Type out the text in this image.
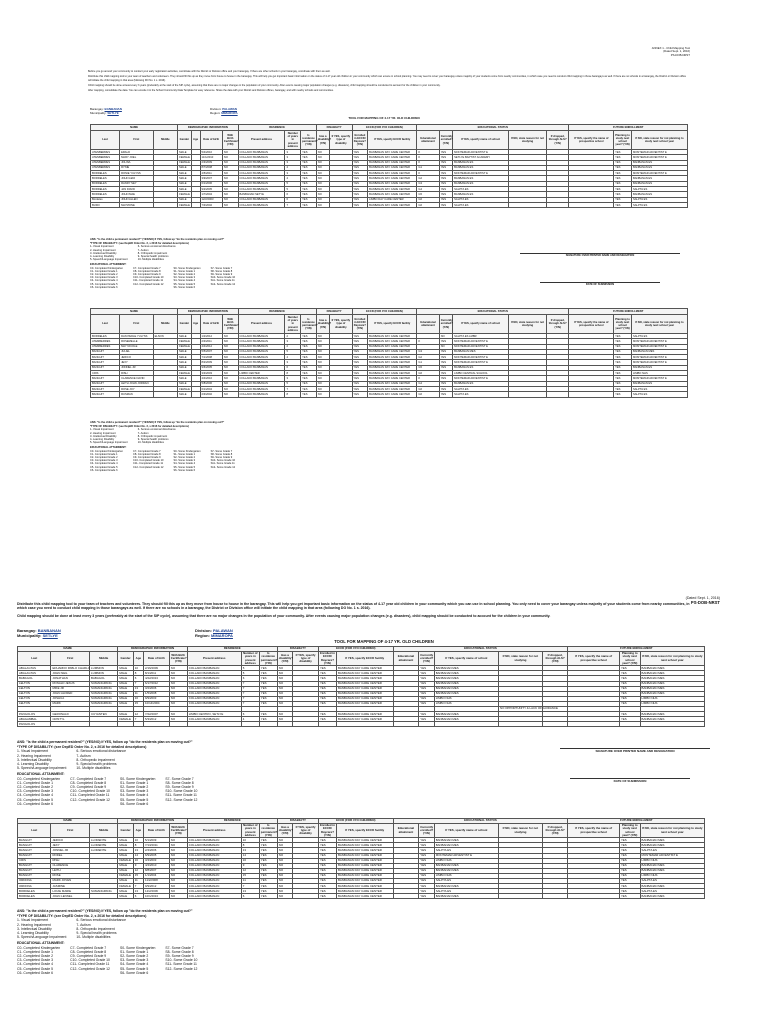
ANNEX 1 - Child Mapping Tool
(Dated Sept. 1, 2016)
PS-DOB-NRST

Before you go around your community to conduct your early registration activities, coordinate with the District or Division office and your barangay. If there are other schools in your barangay, coordinate with them as well.

Distribute this child mapping tool to your team of teachers and volunteers. They should fill this up as they move from house to house in the barangay. This will help you get important basic information on the status of 4-17 year old children in your community which can ensure in school planning. You may need to cover your barangay unless majority of your students come from nearby communities, in which case you need to conduct child mapping in those barangays as well. If there are no schools in a barangay, the District or Division office will initiate the child mapping in that area (following DO No. 1 s. 2016).

Child mapping should be done at least every 3 years (preferably at the start of the SIP cycle), assuming that there are no major changes in the population of your community. After events causing major population changes (e.g. disasters), child mapping should be conducted to account for the children in your community.

After mapping, consolidate the data. You can encode it in the School Community Data Template for easy reference. Share the data with your District and Division offices, barangay, and with nearby schools and communities.

Barangay: BANBANAN
Municipality: SETLYE
Division: PALAWAN
Region: MIMAROPA
TOOL FOR MAPPING OF 4-17 YR. OLD CHILDREN
NAME			DEMOGRAPHIC INFORMATION				RESIDENCE			DISABILITY		ECCD (FOR 4YO CHILDREN)		EDUCATIONAL STATUS					FUTURE ENROLLMENT		
Last	First	Middle	Gender	Age	Date of birth	With Birth Certificate? (Y/N)	Present address	Number of years in present address	Is residence permanent? (Y/N)	Has a disability? (Y/N)	If YES, specify type of disability	Enrolled in ECCD/ Daycare? (Y/N)	If YES, specify ECCD facility	Educational attainment	Currently enrolled? (Y/N)	If YES, specify name of school	If NO, state reason for not studying	If dropped, through ALS? (Y/N)	If YES, specify the name of prospective school	Planning to study next school year? (Y/N)	If NO, state reason for not planning to study next school year
ATENBERRES	ERALD		MALE		5/4/2010	NO	COLLADO BANBANAN	3	YES	NO		YES	BANBANAN DAY CARE CENTER	K	YES	MONTEMAR ADVENTIST E				YES	MONTEMAR ADVENTIST E
ATENBERRES	MARY JOEL		FEMALE		11/1/2010	NO	COLLADO BANBANAN	3	YES	NO		YES	BANBANAN DAY CARE CENTER	K	YES	SETLYE BAPTIST ACADEMY				YES	MONTEMAR ADVENTIST E
ATENBERRES	JOLINA		FEMALE		2/3/2009	NO	COLLADO BANBANAN	3	YES	NO		YES	BANBANAN DAY CARE CENTER	K	YES	BANBANAN ES				YES	BANBANAN ES
ATENBERRES	RYNIE		MALE		8/7/2008	NO	COLLADO BANBANAN	4	YES	NO		YES	BANBANAN DAY CARE CENTER	G1	YES	BANBANAN ES				YES	BANBANAN ES
BORDELES	RONIE YULYSS		MALE		4/5/2011	NO	COLLADO BANBANAN	3	YES	NO		YES	BANBANAN DAY CARE CENTER	K	YES	MONTEMAR ADVENTIST E				YES	MONTEMAR ADVENTIST E
BORDELES	JOHN LENI		MALE		3/9/2007	NO	COLLADO BANBANAN	4	YES	NO		YES	BANBANAN DAY CARE CENTER	G2	YES	BANBANAN ES				YES	BANBANAN ES
BORDELES	RANDY SEY		MALE		6/1/2006	NO	COLLADO BANBANAN	5	YES	NO		YES	BANBANAN DAY CARE CENTER	G3	YES	BANBANAN ES				YES	BANBANAN ES
BORDELES	JAN DAVID		MALE		9/2/2005	NO	COLLADO BANBANAN	5	YES	NO		YES	BANBANAN DAY CARE CENTER	G4	YES	SALPTA ES				YES	SALPTA ES
BORDELES	JOHN MAE		FEMALE		1/7/2004	NO	BANBANAN SETYE	6	YES	NO		YES	BANBANAN DAY CARE CENTER	G5	YES	BANBANAN ES				YES	BANBANAN ES
Bordeles	JOHN ALLEN		MALE		12/2/2003	NO	COLLADO BANBANAN	6	YES	NO		YES	LIMBO DAY CARE CENTER	G6	YES	SALPTA ES				YES	SALPTA ES
BUDO	MAYMONE		FEMALE		7/3/2002	NO	COLLADO BANBANAN	7	YES	NO		YES	BANBANAN DAY CARE CENTER	G6	YES	SALPTA ES				YES	SALPTA ES
ANS: "Is the child a permanent resident?" (YES/NO) If YES, follow up "do the residents plan on moving out?"
*TYPE OF DISABILITY: (see DepED Order No. 2, s 2016 for detailed descriptions)
1- Visual Impairment
2- Hearing Impairment
3- Intellectual Disability
4- Learning Disability
5- Speech/Language Impairment
6- Serious emotional disturbance
7- Autism
8- Orthopedic impairment
9- Special health problems
10- Multiple disabilities
EDUCATIONAL ATTAINMENT:
C0- Completed Kindergarten
C1- Completed Grade 1
C2- Completed Grade 2
C3- Completed Grade 3
C4- Completed Grade 4
C5- Completed Grade 5
C6- Completed Grade 6
C7- Completed Grade 7
C8- Completed Grade 8
C9- Completed Grade 9
C10- Completed Grade 10
C11- Completed Grade 11
C12- Completed Grade 12
S0- Some Kindergarten
S1- Some Grade 1
S2- Some Grade 2
S3- Some Grade 3
S4- Some Grade 4
S5- Some Grade 5
S6- Some Grade 6
S7- Some Grade 7
S8- Some Grade 8
S9- Some Grade 9
S10- Some Grade 10
S11- Some Grade 11
S12- Some Grade 12
SIGNATURE OVER PRINTED NAME AND DESIGNATION
DATE OF SUBMISSION
NAME			DEMOGRAPHIC INFORMATION				RESIDENCE			DISABILITY		ECCD (FOR 4YO CHILDREN)		EDUCATIONAL STATUS					FUTURE ENROLLMENT		
Last	First	Middle	Gender	Age	Date of birth	With Birth Certificate? (Y/N)	Present address	Number of years in present address	Is residence permanent? (Y/N)	Has a disability? (Y/N)	If YES, specify type of disability	Enrolled in ECCD/ Daycare? (Y/N)	If YES, specify ECCD facility	Educational attainment	Currently enrolled? (Y/N)	If YES, specify name of school	If NO, state reason for not studying	If dropped, through ALS? (Y/N)	If YES, specify the name of prospective school	Planning to study next school year? (Y/N)	If NO, state reason for not planning to study next school year
BORDELES	DAN PEDLE YULYSS	ELSON	MALE		1/2/2012	NO	COLLADO BANBANAN	2	YES	NO		YES	BANBANAN DAY CARE CENTER		NO	SALPTA ES LMBR				YES	SALPTA ES
ATEMBERRES	ROSEMELLE		FEMALE		2/3/2011	NO	COLLADO BANBANAN	3	YES	NO		YES	BANBANAN DAY CARE CENTER	K	YES	MONTEMAR ADVENTIST E				YES	MONTEMAR ADVENTIST E
ATEMBERRES	MAY NICOLE		FEMALE		4/4/2012	NO	COLLADO BANBANAN	2	YES	NO		YES	BANBANAN DAY CARE CENTER		NO	MONTEMAR ADVENTIST E				YES	MONTEMAR ADVENTIST E
BANGUIT	JULIEL		MALE		5/5/2007	NO	COLLADO BANBANAN	5	YES	NO		YES	BANBANAN DAY CARE CENTER	G3	YES	BANBANAN MES				YES	BANBANAN MES
BANGUIT	JERICO		MALE		7/1/2008	NO	COLLADO BANBANAN	4	YES	NO		YES	BANBANAN DAY CARE CENTER	G2	YES	MONTEMAR ADVENTIST E				YES	MONTEMAR ADVENTIST E
BANGUIT	JEXY		MALE		8/2/2009	NO	COLLADO BANBANAN	3	YES	NO		YES	BANBANAN DAY CARE CENTER	G1	YES	MONTEMAR ADVENTIST E				YES	MONTEMAR ADVENTIST E
BANGUIT	JONNEL JR		MALE		9/6/2005	NO	COLLADO BANBANAN	6	YES	NO		YES	BANBANAN DAY CARE CENTER	G5	YES	BANBANAN ES				YES	BANBANAN ES
CRIS	RISH		FEMALE		3/3/2003	NO	LIMBO CENTER	8	YES	NO		YES	BANBANAN DAY CARE CENTER	G6	YES	LIMBO CENTRAL SCHOOL				YES	LIMBO NHS
BANGUIT	CLARENCE DAVID		MALE		4/4/2010	NO	COLLADO BANBANAN	3	YES	NO		YES	BANBANAN DAY CARE CENTER	K	YES	MONTEMAR ADVENTIST E				YES	MONTEMAR ADVENTIST E
BANGUIT	LEITH JOHN JORDAN		MALE		5/8/2006	NO	COLLADO BANBANAN	5	YES	NO		YES	BANBANAN DAY CARE CENTER	G4	YES	BANBANAN ES				YES	BANBANAN ES
BANGUIT	ROSE JOY		FEMALE		6/1/2004	NO	COLLADO BANBANAN	7	YES	NO		YES	BANBANAN DAY CARE CENTER	G6	YES	SALPTA ES				YES	SALPTA ES
BANGUIT	RUSMAN		MALE		2/3/2002	NO	COLLADO BANBANAN	8	YES	NO		YES	BANBANAN DAY CARE CENTER	G6	YES	SALPTA ES				YES	SALPTA ES
ANS: "Is the child a permanent resident?" (YES/NO) If YES, follow up "do the residents plan on moving out?"
*TYPE OF DISABILITY: (see DepED Order No. 2, s 2016 for detailed descriptions)
1- Visual Impairment
2- Hearing Impairment
3- Intellectual Disability
4- Learning Disability
5- Speech/Language Impairment
6- Serious emotional disturbance
7- Autism
8- Orthopedic impairment
9- Special health problems
10- Multiple disabilities
EDUCATIONAL ATTAINMENT:
C0- Completed Kindergarten
C1- Completed Grade 1
C2- Completed Grade 2
C3- Completed Grade 3
C4- Completed Grade 4
C5- Completed Grade 5
C6- Completed Grade 6
C7- Completed Grade 7
C8- Completed Grade 8
C9- Completed Grade 9
C10- Completed Grade 10
C11- Completed Grade 11
C12- Completed Grade 12
S0- Some Kindergarten
S1- Some Grade 1
S2- Some Grade 2
S3- Some Grade 3
S4- Some Grade 4
S5- Some Grade 5
S6- Some Grade 6
S7- Some Grade 7
S8- Some Grade 8
S9- Some Grade 9
S10- Some Grade 10
S11- Some Grade 11
S12- Some Grade 12
(Dated Sept. 1, 2016)
PS-DOB-NRST

Distribute this child mapping tool to your team of teachers and volunteers. They should fill this up as they move from house to house in the barangay. This will help you get important basic information on the status of 4-17 year old children in your community which you can use in school planning. You only need to cover your barangay unless majority of your students come from nearby communities, in which case you need to conduct child mapping in those barangays as well. If there are no schools in a barangay, the District or Division office will initiate the child mapping in that area (following DO No. 1 s. 2016).

Child mapping should be done at least every 3 years (preferably at the start of the SIP cycle), assuming that there are no major changes in the population of your community. After events causing major population changes (e.g. disasters), child mapping should be conducted to account for the children in your community.

Barangay: BANBANAN
Municipality: SETLYE
Division: PALAWAN
Region: MIMAROPA
TOOL FOR MAPPING OF 4-17 YR. OLD CHILDREN
NAME			DEMOGRAPHIC INFORMATION				RESIDENCE			DISABILITY		ECCD (FOR 4YO CHILDREN)		EDUCATIONAL STATUS					FUTURE ENROLLMENT		
Last	First	Middle	Gender	Age	Date of birth	With Birth Certificate? (Y/N)	Present address	Number of years in present address	Is residence permanent? (Y/N)	Has a disability? (Y/N)	If YES, specify type of disability	Enrolled in ECCD/ Daycare? (Y/N)	If YES, specify ECCD facility	Educational attainment	Currently enrolled? (Y/N)	If YES, specify name of school	If NO, state reason for not studying	If dropped, through ALS? (Y/N)	If YES, specify the name of prospective school	Planning to study next school year? (Y/N)	If NO, state reason for not planning to study next school year
ABALAGTAS	EDUARDO PABLO CHARLO	LUMMON	MALE	10	2/16/2009	NO	COLLADO BANBANAN	5	YES	NO		YES	BANBANAN DAY CARE CENTER		YES	BANBANAN MES				YES	BANBANAN MES
ABALAGTAS	JOHN NEIL	LUMMON	MALE	8	8/1/2011	NO	COLLADO BANBANAN	5	YES	NO		YES	BANBANAN DAY CARE CENTER		YES	BANBANAN MES				YES	BANBANAN MES
BABAGOL	JONATHAN	BABAGOL	MALE	6	4/22/2013	NO	COLLADO BANBANAN	6	YES	NO		YES	BANBANAN DAY CARE CENTER		YES	BANBANAN MES				YES	BANBANAN MES
LELTON	RONALD JESUS	SUMANGPANG	MALE	7	6/17/2012	NO	COLLADO BANBANAN	7	YES	NO		YES	BANBANAN DAY CARE CENTER		YES	BANBANAN MES				YES	BANBANAN MES
LELTON	MIKE JR	SUMANGPANG	MALE	13	3/2/2006	NO	COLLADO BANBANAN	7	YES	NO		YES	BANBANAN DAY CARE CENTER		YES	BANBANAN MES				YES	BANBANAN MES
LELTON	JOHN ALFRED	SUMANGPANG	MALE	11	1/5/2008	NO	COLLADO BANBANAN	7	YES	NO		YES	BANBANAN DAY CARE CENTER		YES	BANBANAN MES				YES	BANBANAN MES
LELTON	JOSHUA	SUMANGPANG	MALE	16	9/9/2003	NO	COLLADO BANBANAN	7	YES	NO		YES	BANBANAN DAY CARE CENTER		YES	LIMBO NHS				YES	LIMBO NHS
LELTON	MARK	SUMANGPANG	MALE	15	10/14/2004	NO	COLLADO BANBANAN	7	YES	NO		YES	BANBANAN DAY CARE CENTER		YES	LIMBO NHS				YES	LIMBO NHS
																	NO OPPORTUNITY & LACK OF GUIDANCE				
PANGOLOS	GERONALD	CUYANTEN	MALE	12	7/22/2007	NO	LIMBO CENTRO, SETLYE	6	YES	NO		YES	BANBANAN DAY CARE CENTER		YES	BANBANAN MES				YES	BANBANAN MES
ABAGAMBAL	CRISTYL		FEMALE	7	5/3/2012	NO	COLLADO BANBANAN	4	YES	NO		YES	BANBANAN DAY CARE CENTER		YES	BANBANAN MES				YES	BANBANAN MES
PANGOLOS																					
ANS: "Is the child a permanent resident?" (YES/NO) If YES, follow up "do the residents plan on moving out?"
*TYPE OF DISABILITY: (see DepED Order No. 2, s 2016 for detailed descriptions)
1- Visual Impairment
2- Hearing Impairment
3- Intellectual Disability
4- Learning Disability
5- Speech/Language Impairment
6- Serious emotional disturbance
7- Autism
8- Orthopedic impairment
9- Special health problems
10- Multiple disabilities
EDUCATIONAL ATTAINMENT:
C0- Completed Kindergarten
C1- Completed Grade 1
C2- Completed Grade 2
C3- Completed Grade 3
C4- Completed Grade 4
C5- Completed Grade 5
C6- Completed Grade 6
C7- Completed Grade 7
C8- Completed Grade 8
C9- Completed Grade 9
C10- Completed Grade 10
C11- Completed Grade 11
C12- Completed Grade 12
S0- Some Kindergarten
S1- Some Grade 1
S2- Some Grade 2
S3- Some Grade 3
S4- Some Grade 4
S5- Some Grade 5
S6- Some Grade 6
S7- Some Grade 7
S8- Some Grade 8
S9- Some Grade 9
S10- Some Grade 10
S11- Some Grade 11
S12- Some Grade 12
SIGNATURE OVER PRINTED NAME AND DESIGNATION
DATE OF SUBMISSION
NAME			DEMOGRAPHIC INFORMATION				RESIDENCE			DISABILITY		ECCD (FOR 4YO CHILDREN)		EDUCATIONAL STATUS					FUTURE ENROLLMENT		
Last	First	Middle	Gender	Age	Date of birth	With Birth Certificate? (Y/N)	Present address	Number of years in present address	Is residence permanent? (Y/N)	Has a disability? (Y/N)	If YES, specify type of disability	Enrolled in ECCD/ Daycare? (Y/N)	If YES, specify ECCD facility	Educational attainment	Currently enrolled? (Y/N)	If YES, specify name of school	If NO, state reason for not studying	If dropped, through ALS? (Y/N)	If YES, specify the name of prospective school	Planning to study next school year? (Y/N)	If NO, state reason for not planning to study next school year
BANGUIT	JERICO	LLORENTE	MALE	10	5/1/2009	NO	COLLADO BANBANAN	10	YES	NO		YES	BANBANAN DAY CARE CENTER		YES	BANBANAN MES				YES	BANBANAN MES
BANGUIT	JEXY	LLORENTE	MALE	8	7/13/2011	NO	COLLADO BANBANAN	8	YES	NO		YES	BANBANAN DAY CARE CENTER		YES	BANBANAN MES				YES	BANBANAN MES
BANGUIT	JONNEL JR	LLORENTE	MALE	13	2/4/2006	NO	COLLADO BANBANAN	13	YES	NO		YES	BANBANAN DAY CARE CENTER		YES	SALPTA ES				YES	SALPTA ES
BANGUIT	RODEL		MALE	14	6/9/2005	NO	COLLADO BANBANAN	14	YES	NO		YES	BANBANAN DAY CARE CENTER		YES	MONTEMAR ADVENTIST E				YES	MONTEMAR ADVENTIST E
CRIS	RISH		FEMALE	16	3/4/2003	NO	COLLADO BANBANAN	16	YES	NO		YES	BANBANAN DAY CARE CENTER		YES	LIMBO NHS				YES	LIMBO NHS
BANGUIT	CLARENCE		MALE	9	4/4/2010	NO	COLLADO BANBANAN	9	YES	NO		YES	BANBANAN DAY CARE CENTER		YES	BANBANAN MES				YES	BANBANAN MES
BANGUIT	LEITH		MALE	12	8/8/2007	NO	COLLADO BANBANAN	12	YES	NO		YES	BANBANAN DAY CARE CENTER		YES	BANBANAN MES				YES	BANBANAN MES
BANGUIT	ROSE		FEMALE	15	1/1/2004	NO	COLLADO BANBANAN	15	YES	NO		YES	BANBANAN DAY CARE CENTER		YES	LIMBO NHS				YES	LIMBO NHS
ORDONA	MARK JOVEN		MALE	11	11/2/2008	NO	COLLADO BANBANAN	11	YES	NO		YES	BANBANAN DAY CARE CENTER		YES	SALPTA ES				YES	SALPTA ES
ORDONA	JASMINE		FEMALE	7	9/9/2012	NO	COLLADO BANBANAN	7	YES	NO		YES	BANBANAN DAY CARE CENTER		YES	BANBANAN MES				YES	BANBANAN MES
BORDELES	LOUIE MARIE	SUMANGPANG	MALE	13	12/2/2006	NO	COLLADO BANBANAN	13	YES	NO		YES	BANBANAN DAY CARE CENTER		YES	SALPTA ES				YES	SALPTA ES
BORDELES	JOHN LENNEL		MALE	6	10/1/2013	NO	COLLADO BANBANAN	6	YES	NO		YES	BANBANAN DAY CARE CENTER		YES	BANBANAN MES				YES	BANBANAN MES
ANS: "Is the child a permanent resident?" (YES/NO) If YES, follow up "do the residents plan on moving out?"
*TYPE OF DISABILITY: (see DepED Order No. 2, s 2016 for detailed descriptions)
1- Visual Impairment
2- Hearing Impairment
3- Intellectual Disability
4- Learning Disability
5- Speech/Language Impairment
6- Serious emotional disturbance
7- Autism
8- Orthopedic impairment
9- Special health problems
10- Multiple disabilities
EDUCATIONAL ATTAINMENT:
C0- Completed Kindergarten
C1- Completed Grade 1
C2- Completed Grade 2
C3- Completed Grade 3
C4- Completed Grade 4
C5- Completed Grade 5
C6- Completed Grade 6
C7- Completed Grade 7
C8- Completed Grade 8
C9- Completed Grade 9
C10- Completed Grade 10
C11- Completed Grade 11
C12- Completed Grade 12
S0- Some Kindergarten
S1- Some Grade 1
S2- Some Grade 2
S3- Some Grade 3
S4- Some Grade 4
S5- Some Grade 5
S6- Some Grade 6
S7- Some Grade 7
S8- Some Grade 8
S9- Some Grade 9
S10- Some Grade 10
S11- Some Grade 11
S12- Some Grade 12
